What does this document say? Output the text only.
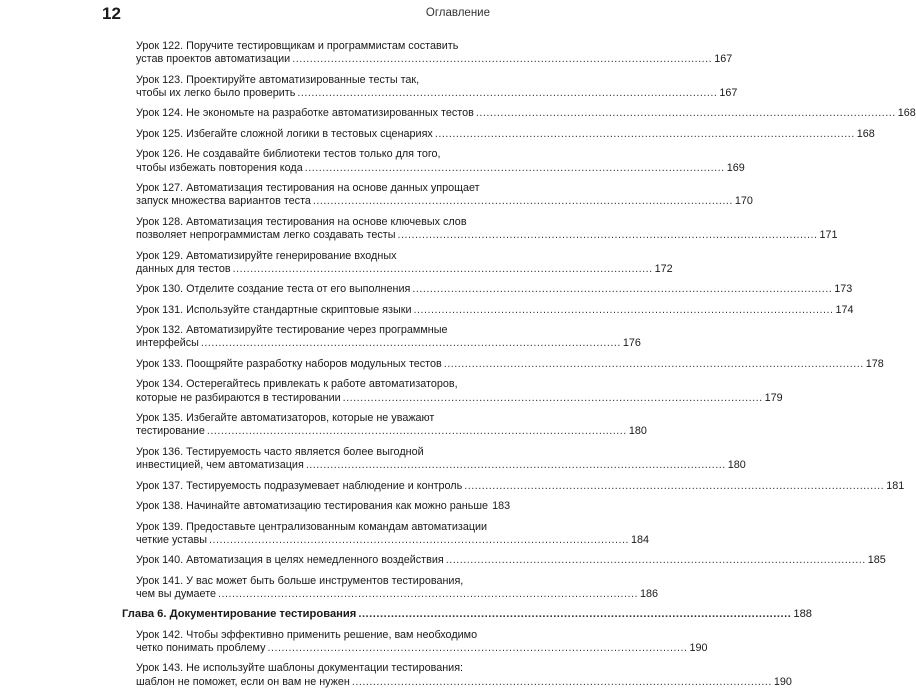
12	Оглавление
Урок 122. Поручите тестировщикам и программистам составить
устав проектов автоматизации ........................................................................................................................ 167
Урок 123. Проектируйте автоматизированные тесты так,
чтобы их легко было проверить ........................................................................................................................ 167
Урок 124. Не экономьте на разработке автоматизированных тестов ........................................................................................................................ 168
Урок 125. Избегайте сложной логики в тестовых сценариях ........................................................................................................................ 168
Урок 126. Не создавайте библиотеки тестов только для того,
чтобы избежать повторения кода ........................................................................................................................ 169
Урок 127. Автоматизация тестирования на основе данных упрощает
запуск множества вариантов теста ........................................................................................................................ 170
Урок 128. Автоматизация тестирования на основе ключевых слов
позволяет непрограммистам легко создавать тесты ........................................................................................................................ 171
Урок 129. Автоматизируйте генерирование входных
данных для тестов ........................................................................................................................ 172
Урок 130. Отделите создание теста от его выполнения ........................................................................................................................ 173
Урок 131. Используйте стандартные скриптовые языки ........................................................................................................................ 174
Урок 132. Автоматизируйте тестирование через программные
интерфейсы ........................................................................................................................ 176
Урок 133. Поощряйте разработку наборов модульных тестов ........................................................................................................................ 178
Урок 134. Остерегайтесь привлекать к работе автоматизаторов,
которые не разбираются в тестировании ........................................................................................................................ 179
Урок 135. Избегайте автоматизаторов, которые не уважают
тестирование ........................................................................................................................ 180
Урок 136. Тестируемость часто является более выгодной
инвестицией, чем автоматизация ........................................................................................................................ 180
Урок 137. Тестируемость подразумевает наблюдение и контроль ........................................................................................................................ 181
Урок 138. Начинайте автоматизацию тестирования как можно раньше 183
Урок 139. Предоставьте централизованным командам автоматизации
четкие уставы ........................................................................................................................ 184
Урок 140. Автоматизация в целях немедленного воздействия ........................................................................................................................ 185
Урок 141. У вас может быть больше инструментов тестирования,
чем вы думаете ........................................................................................................................ 186
Глава 6. Документирование тестирования ........................................................................................................................ 188
Урок 142. Чтобы эффективно применить решение, вам необходимо
четко понимать проблему ........................................................................................................................ 190
Урок 143. Не используйте шаблоны документации тестирования:
шаблон не поможет, если он вам не нужен ........................................................................................................................ 190
